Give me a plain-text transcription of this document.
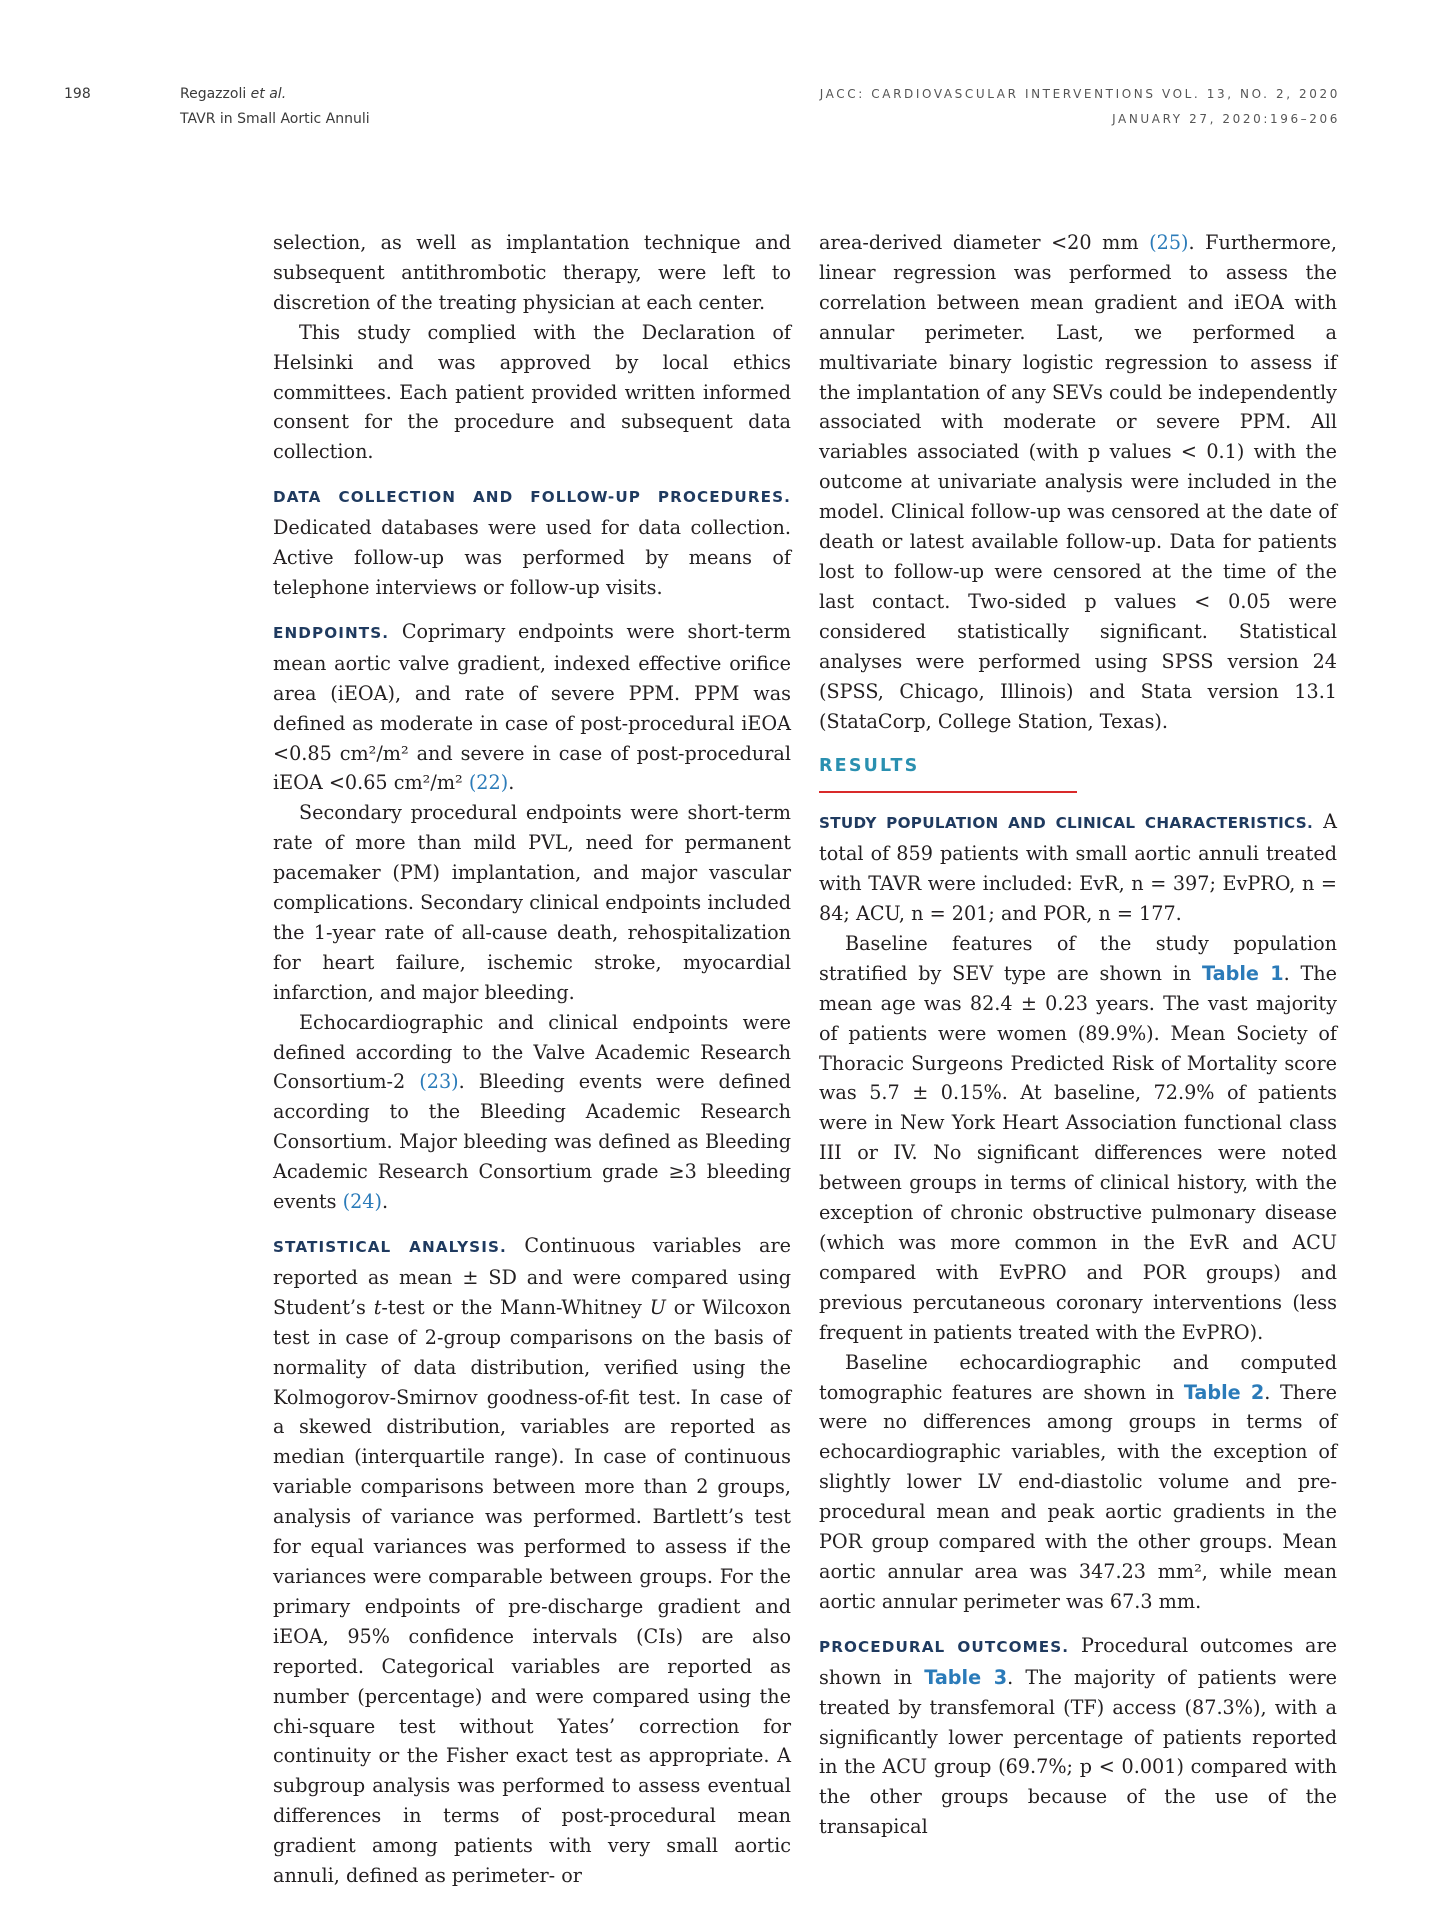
198	Regazzoli et al.
TAVR in Small Aortic Annuli
JACC: CARDIOVASCULAR INTERVENTIONS VOL. 13, NO. 2, 2020
JANUARY 27, 2020:196–206

selection, as well as implantation technique and subsequent antithrombotic therapy, were left to discretion of the treating physician at each center.

This study complied with the Declaration of Helsinki and was approved by local ethics committees. Each patient provided written informed consent for the procedure and subsequent data collection.

DATA COLLECTION AND FOLLOW-UP PROCEDURES. Dedicated databases were used for data collection. Active follow-up was performed by means of telephone interviews or follow-up visits.

ENDPOINTS. Coprimary endpoints were short-term mean aortic valve gradient, indexed effective orifice area (iEOA), and rate of severe PPM. PPM was defined as moderate in case of post-procedural iEOA <0.85 cm²/m² and severe in case of post-procedural iEOA <0.65 cm²/m² (22).

Secondary procedural endpoints were short-term rate of more than mild PVL, need for permanent pacemaker (PM) implantation, and major vascular complications. Secondary clinical endpoints included the 1-year rate of all-cause death, rehospitalization for heart failure, ischemic stroke, myocardial infarction, and major bleeding.

Echocardiographic and clinical endpoints were defined according to the Valve Academic Research Consortium-2 (23). Bleeding events were defined according to the Bleeding Academic Research Consortium. Major bleeding was defined as Bleeding Academic Research Consortium grade ≥3 bleeding events (24).

STATISTICAL ANALYSIS. Continuous variables are reported as mean ± SD and were compared using Student’s t-test or the Mann-Whitney U or Wilcoxon test in case of 2-group comparisons on the basis of normality of data distribution, verified using the Kolmogorov-Smirnov goodness-of-fit test. In case of a skewed distribution, variables are reported as median (interquartile range). In case of continuous variable comparisons between more than 2 groups, analysis of variance was performed. Bartlett’s test for equal variances was performed to assess if the variances were comparable between groups. For the primary endpoints of pre-discharge gradient and iEOA, 95% confidence intervals (CIs) are also reported. Categorical variables are reported as number (percentage) and were compared using the chi-square test without Yates’ correction for continuity or the Fisher exact test as appropriate. A subgroup analysis was performed to assess eventual differences in terms of post-procedural mean gradient among patients with very small aortic annuli, defined as perimeter- or

area-derived diameter <20 mm (25). Furthermore, linear regression was performed to assess the correlation between mean gradient and iEOA with annular perimeter. Last, we performed a multivariate binary logistic regression to assess if the implantation of any SEVs could be independently associated with moderate or severe PPM. All variables associated (with p values < 0.1) with the outcome at univariate analysis were included in the model. Clinical follow-up was censored at the date of death or latest available follow-up. Data for patients lost to follow-up were censored at the time of the last contact. Two-sided p values < 0.05 were considered statistically significant. Statistical analyses were performed using SPSS version 24 (SPSS, Chicago, Illinois) and Stata version 13.1 (StataCorp, College Station, Texas).

RESULTS

STUDY POPULATION AND CLINICAL CHARACTERISTICS. A total of 859 patients with small aortic annuli treated with TAVR were included: EvR, n = 397; EvPRO, n = 84; ACU, n = 201; and POR, n = 177.

Baseline features of the study population stratified by SEV type are shown in Table 1. The mean age was 82.4 ± 0.23 years. The vast majority of patients were women (89.9%). Mean Society of Thoracic Surgeons Predicted Risk of Mortality score was 5.7 ± 0.15%. At baseline, 72.9% of patients were in New York Heart Association functional class III or IV. No significant differences were noted between groups in terms of clinical history, with the exception of chronic obstructive pulmonary disease (which was more common in the EvR and ACU compared with EvPRO and POR groups) and previous percutaneous coronary interventions (less frequent in patients treated with the EvPRO).

Baseline echocardiographic and computed tomographic features are shown in Table 2. There were no differences among groups in terms of echocardiographic variables, with the exception of slightly lower LV end-diastolic volume and pre-procedural mean and peak aortic gradients in the POR group compared with the other groups. Mean aortic annular area was 347.23 mm², while mean aortic annular perimeter was 67.3 mm.

PROCEDURAL OUTCOMES. Procedural outcomes are shown in Table 3. The majority of patients were treated by transfemoral (TF) access (87.3%), with a significantly lower percentage of patients reported in the ACU group (69.7%; p < 0.001) compared with the other groups because of the use of the transapical
